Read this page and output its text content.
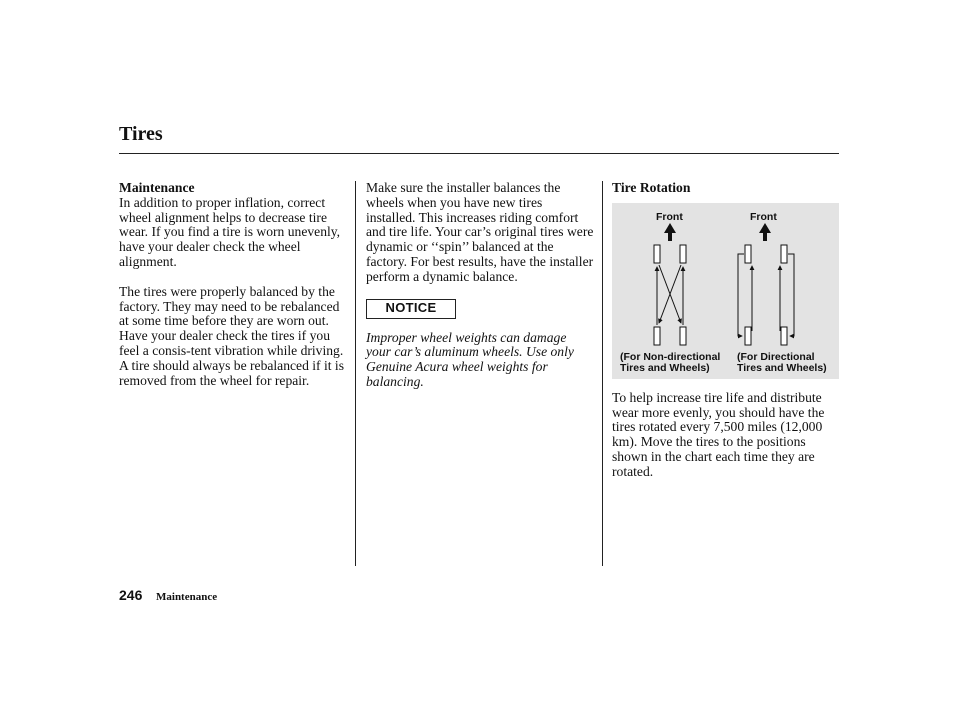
Tires
Maintenance

In addition to proper inflation, correct wheel alignment helps to decrease tire wear. If you find a tire is worn unevenly, have your dealer check the wheel alignment.

The tires were properly balanced by the factory. They may need to be rebalanced at some time before they are worn out. Have your dealer check the tires if you feel a consis-tent vibration while driving. A tire should always be rebalanced if it is removed from the wheel for repair.

Make sure the installer balances the wheels when you have new tires installed. This increases riding comfort and tire life. Your car’s original tires were dynamic or ‘‘spin’’ balanced at the factory. For best results, have the installer perform a dynamic balance.

NOTICE

Improper wheel weights can damage your car’s aluminum wheels. Use only Genuine Acura wheel weights for balancing.

Tire Rotation
Front	Front
(For Non-directional
Tires and Wheels)
(For Directional
Tires and Wheels)

To help increase tire life and distribute wear more evenly, you should have the tires rotated every 7,500 miles (12,000 km). Move the tires to the positions shown in the chart each time they are rotated.

246 Maintenance
